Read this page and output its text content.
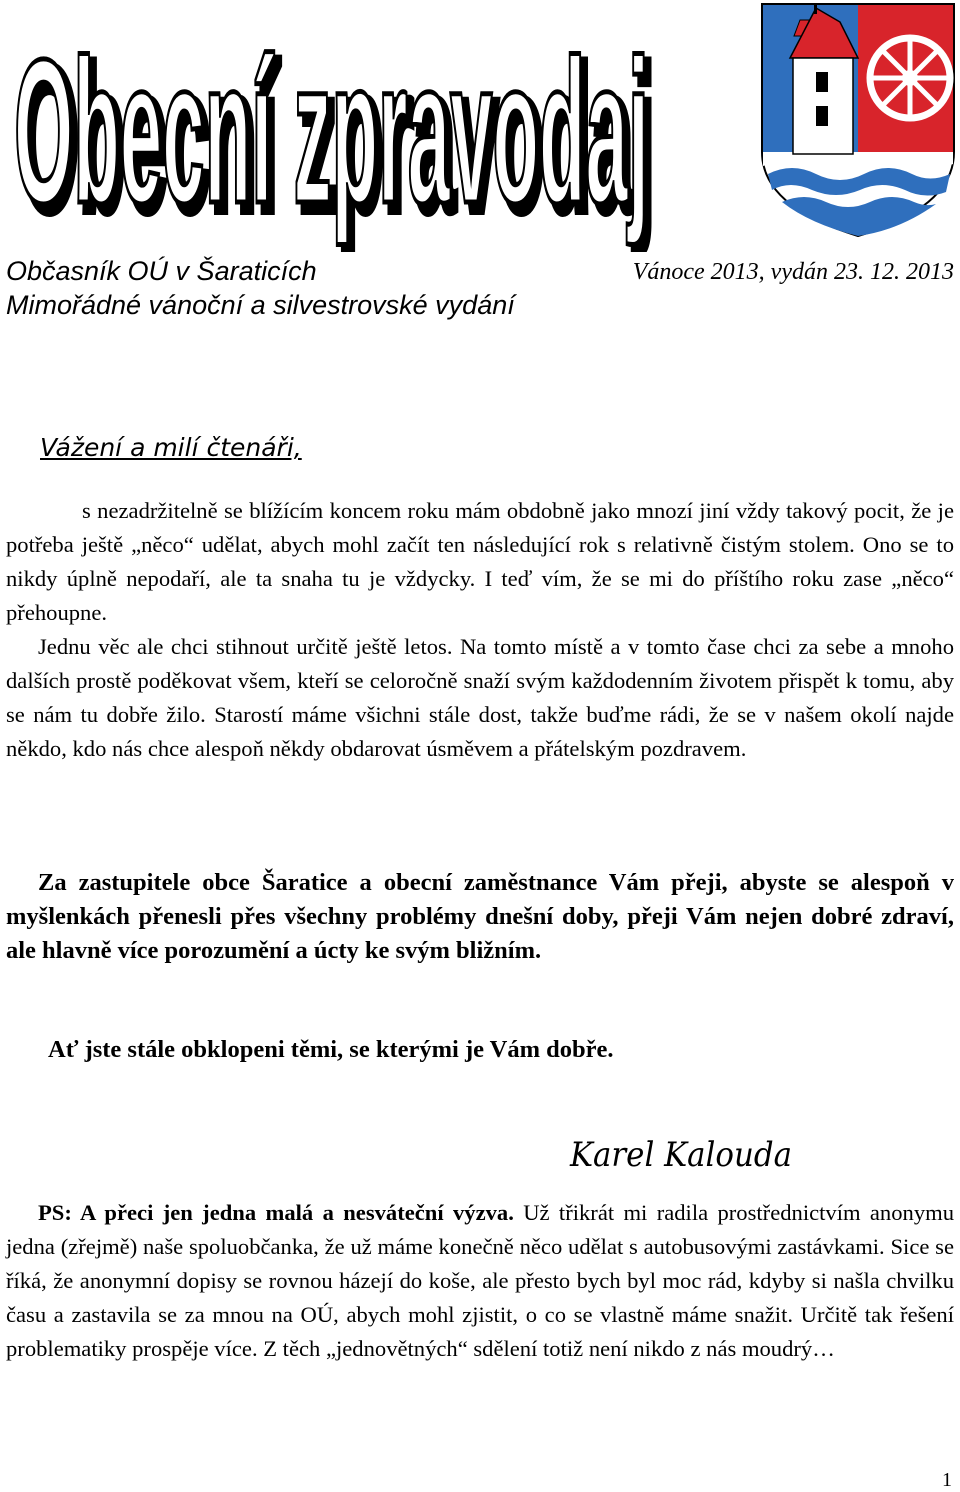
Obecní zpravodaj
Obecní zpravodaj
Občasník OÚ v Šaraticích
Mimořádné vánoční a silvestrovské vydání
Vánoce 2013, vydán 23. 12. 2013
Vážení a milí čtenáři,
s nezadržitelně se blížícím koncem roku mám obdobně jako mnozí jiní vždy takový pocit, že je potřeba ještě „něco“ udělat, abych mohl začít ten následující rok s relativně čistým stolem. Ono se to nikdy úplně nepodaří, ale ta snaha tu je vždycky. I teď vím, že se mi do příštího roku zase „něco“ přehoupne.
Jednu věc ale chci stihnout určitě ještě letos. Na tomto místě a v tomto čase chci za sebe a mnoho dalších prostě poděkovat všem, kteří se celoročně snaží svým každodenním životem přispět k tomu, aby se nám tu dobře žilo. Starostí máme všichni stále dost, takže buďme rádi, že se v našem okolí najde někdo, kdo nás chce alespoň někdy obdarovat úsměvem a přátelským pozdravem.
Za zastupitele obce Šaratice a obecní zaměstnance Vám přeji, abyste se alespoň v myšlenkách přenesli přes všechny problémy dnešní doby, přeji Vám nejen dobré zdraví, ale hlavně více porozumění a úcty ke svým bližním.
Ať jste stále obklopeni těmi, se kterými je Vám dobře.
Karel Kalouda
PS: A přeci jen jedna malá a nesváteční výzva. Už třikrát mi radila prostřednictvím anonymu jedna (zřejmě) naše spoluobčanka, že už máme konečně něco udělat s autobusovými zastávkami. Sice se říká, že anonymní dopisy se rovnou házejí do koše, ale přesto bych byl moc rád, kdyby si našla chvilku času a zastavila se za mnou na OÚ, abych mohl zjistit, o co se vlastně máme snažit. Určitě tak řešení problematiky prospěje více. Z těch „jednovětných“ sdělení totiž není nikdo z nás moudrý…
1
